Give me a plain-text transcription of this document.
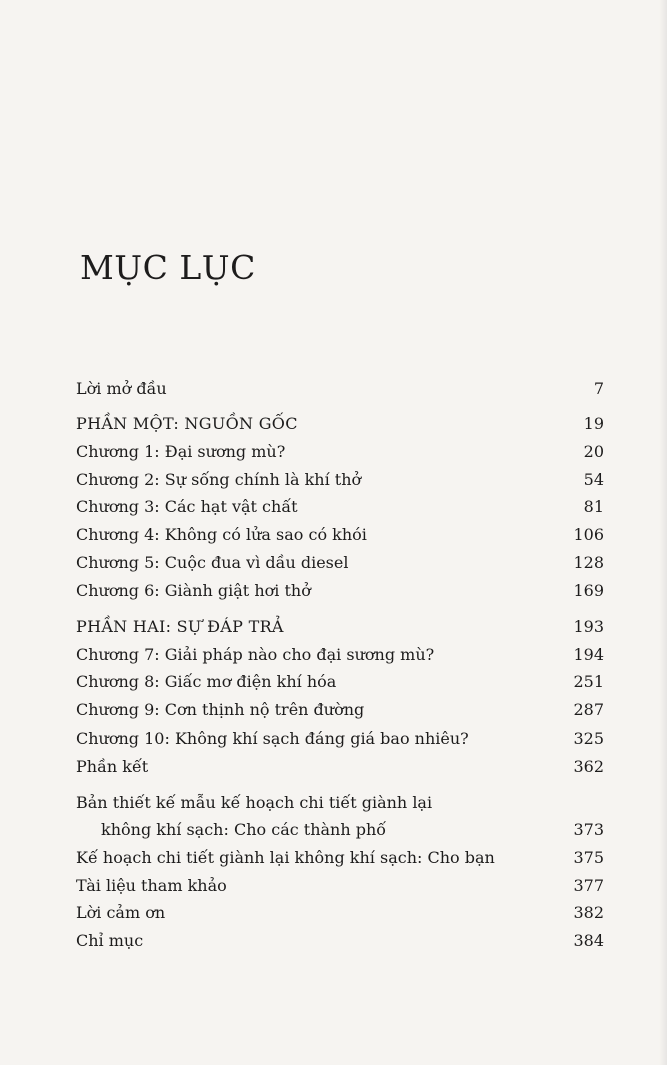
MỤC LỤC
Lời mở đầu	7
PHẦN MỘT: NGUỒN GỐC	19
Chương 1: Đại sương mù?	20
Chương 2: Sự sống chính là khí thở	54
Chương 3: Các hạt vật chất	81
Chương 4: Không có lửa sao có khói	106
Chương 5: Cuộc đua vì dầu diesel	128
Chương 6: Giành giật hơi thở	169
PHẦN HAI: SỰ ĐÁP TRẢ	193
Chương 7: Giải pháp nào cho đại sương mù?	194
Chương 8: Giấc mơ điện khí hóa	251
Chương 9: Cơn thịnh nộ trên đường	287
Chương 10: Không khí sạch đáng giá bao nhiêu?	325
Phần kết	362
Bản thiết kế mẫu kế hoạch chi tiết giành lại
không khí sạch: Cho các thành phố	373
Kế hoạch chi tiết giành lại không khí sạch: Cho bạn	375
Tài liệu tham khảo	377
Lời cảm ơn	382
Chỉ mục	384
